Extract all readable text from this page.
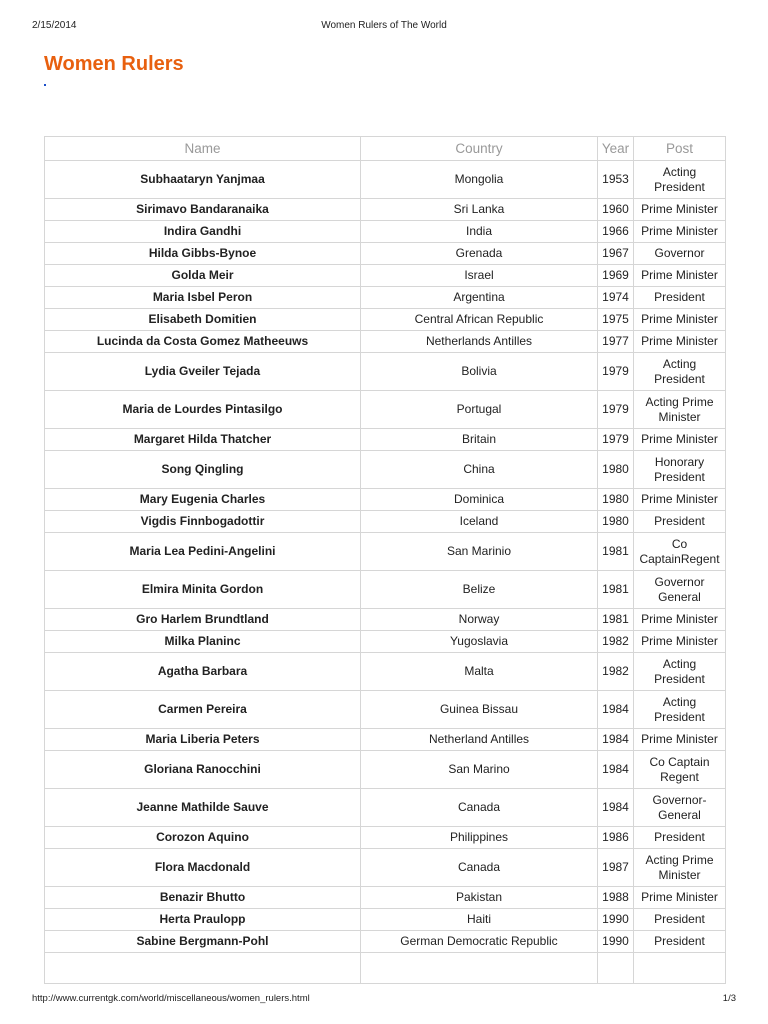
2/15/2014	Women Rulers of The World
Women Rulers
Name	Country	Year	Post
Subhaataryn Yanjmaa	Mongolia	1953	Acting President
Sirimavo Bandaranaika	Sri Lanka	1960	Prime Minister
Indira Gandhi	India	1966	Prime Minister
Hilda Gibbs-Bynoe	Grenada	1967	Governor
Golda Meir	Israel	1969	Prime Minister
Maria Isbel Peron	Argentina	1974	President
Elisabeth Domitien	Central African Republic	1975	Prime Minister
Lucinda da Costa Gomez Matheeuws	Netherlands Antilles	1977	Prime Minister
Lydia Gveiler Tejada	Bolivia	1979	Acting President
Maria de Lourdes Pintasilgo	Portugal	1979	Acting Prime Minister
Margaret Hilda Thatcher	Britain	1979	Prime Minister
Song Qingling	China	1980	Honorary President
Mary Eugenia Charles	Dominica	1980	Prime Minister
Vigdis Finnbogadottir	Iceland	1980	President
Maria Lea Pedini-Angelini	San Marinio	1981	Co CaptainRegent
Elmira Minita Gordon	Belize	1981	Governor General
Gro Harlem Brundtland	Norway	1981	Prime Minister
Milka Planinc	Yugoslavia	1982	Prime Minister
Agatha Barbara	Malta	1982	Acting President
Carmen Pereira	Guinea Bissau	1984	Acting President
Maria Liberia Peters	Netherland Antilles	1984	Prime Minister
Gloriana Ranocchini	San Marino	1984	Co Captain Regent
Jeanne Mathilde Sauve	Canada	1984	Governor-General
Corozon Aquino	Philippines	1986	President
Flora Macdonald	Canada	1987	Acting Prime Minister
Benazir Bhutto	Pakistan	1988	Prime Minister
Herta Praulopp	Haiti	1990	President
Sabine Bergmann-Pohl	German Democratic Republic	1990	President

http://www.currentgk.com/world/miscellaneous/women_rulers.html	1/3
